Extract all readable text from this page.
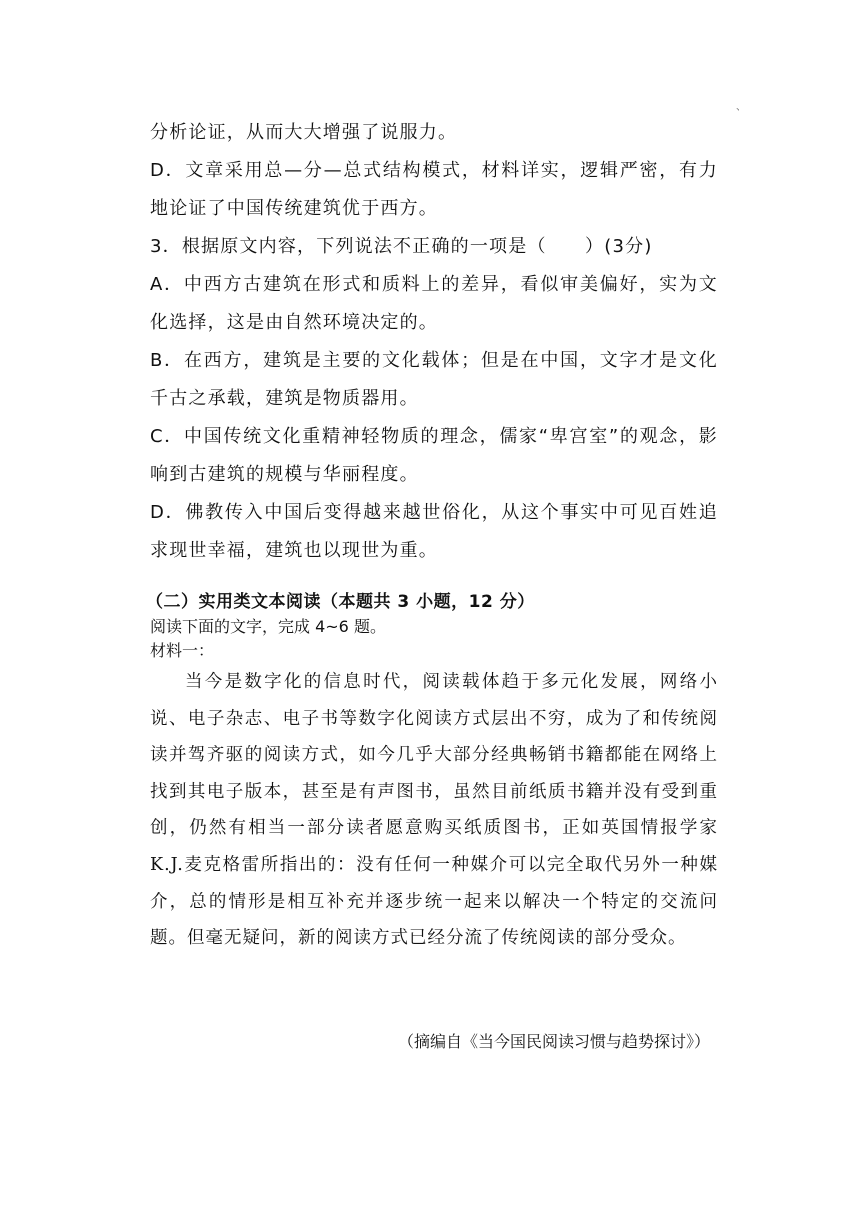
、

分析论证，从而大大增强了说服力。

D．文章采用总—分—总式结构模式，材料详实，逻辑严密，有力地论证了中国传统建筑优于西方。

3．根据原文内容，下列说法不正确的一项是（　　）(3分)

A．中西方古建筑在形式和质料上的差异，看似审美偏好，实为文化选择，这是由自然环境决定的。

B．在西方，建筑是主要的文化载体；但是在中国，文字才是文化千古之承载，建筑是物质器用。

C．中国传统文化重精神轻物质的理念，儒家“卑宫室”的观念，影响到古建筑的规模与华丽程度。

D．佛教传入中国后变得越来越世俗化，从这个事实中可见百姓追求现世幸福，建筑也以现世为重。

（二）实用类文本阅读（本题共 3 小题，12 分）
阅读下面的文字，完成 4~6 题。
材料一：

当今是数字化的信息时代，阅读载体趋于多元化发展，网络小说、电子杂志、电子书等数字化阅读方式层出不穷，成为了和传统阅读并驾齐驱的阅读方式，如今几乎大部分经典畅销书籍都能在网络上找到其电子版本，甚至是有声图书，虽然目前纸质书籍并没有受到重创，仍然有相当一部分读者愿意购买纸质图书，正如英国情报学家 K.J.麦克格雷所指出的：没有任何一种媒介可以完全取代另外一种媒介，总的情形是相互补充并逐步统一起来以解决一个特定的交流问题。但毫无疑问，新的阅读方式已经分流了传统阅读的部分受众。

（摘编自《当今国民阅读习惯与趋势探讨》）
